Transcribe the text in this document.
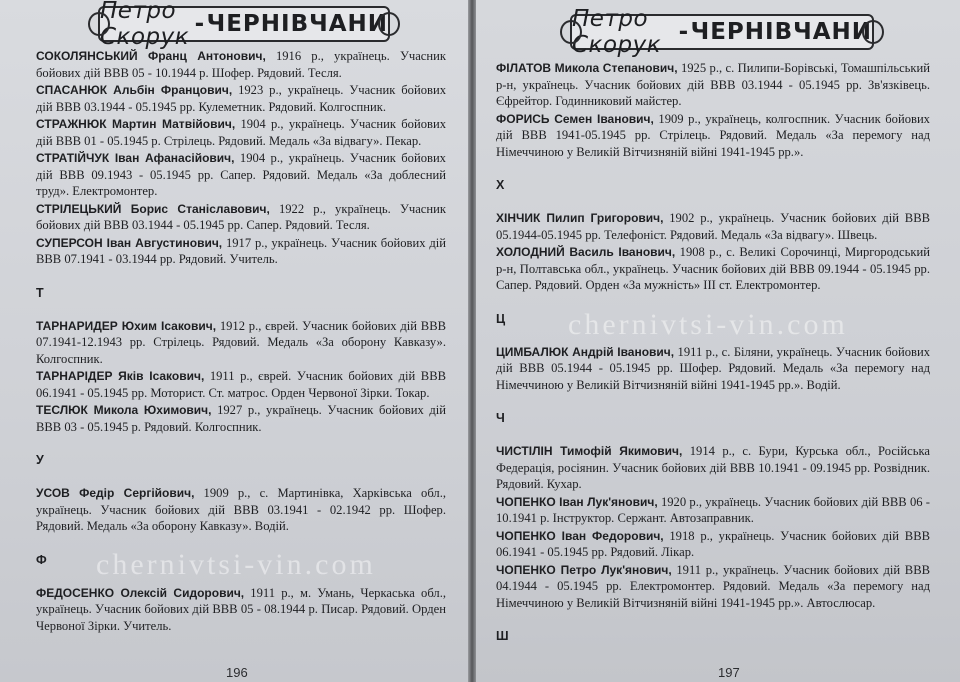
Петро Скорук - ЧЕРНІВЧАНИ

СОКОЛЯНСЬКИЙ Франц Антонович, 1916 р., українець. Учасник бойових дій ВВВ 05 - 10.1944 р. Шофер. Рядовий. Тесля.

СПАСАНЮК Альбін Францович, 1923 р., українець. Учасник бойових дій ВВВ 03.1944 - 05.1945 рр. Кулеметник. Рядовий. Колгоспник.

СТРАЖНЮК Мартин Матвійович, 1904 р., українець. Учасник бойових дій ВВВ 01 - 05.1945 р. Стрілець. Рядовий. Медаль «За відвагу». Пекар.

СТРАТІЙЧУК Іван Афанасійович, 1904 р., українець. Учасник бойових дій ВВВ 09.1943 - 05.1945 рр. Сапер. Рядовий. Медаль «За доблесний труд». Електромонтер.

СТРІЛЕЦЬКИЙ Борис Станіславович, 1922 р., українець. Учасник бойових дій ВВВ 03.1944 - 05.1945 рр. Сапер. Рядовий. Тесля.

СУПЕРСОН Іван Августинович, 1917 р., українець. Учасник бойових дій ВВВ 07.1941 - 03.1944 рр. Рядовий. Учитель.

Т

ТАРНАРИДЕР Юхим Ісакович, 1912 р., єврей. Учасник бойових дій ВВВ 07.1941-12.1943 рр. Стрілець. Рядовий. Медаль «За оборону Кавказу». Колгоспник.

ТАРНАРІДЕР Яків Ісакович, 1911 р., єврей. Учасник бойових дій ВВВ 06.1941 - 05.1945 рр. Моторист. Ст. матрос. Орден Червоної Зірки. Токар.

ТЕСЛЮК Микола Юхимович, 1927 р., українець. Учасник бойових дій ВВВ 03 - 05.1945 р. Рядовий. Колгоспник.

У

УСОВ Федір Сергійович, 1909 р., с. Мартинівка, Харківська обл., українець. Учасник бойових дій ВВВ 03.1941 - 02.1942 рр. Шофер. Рядовий. Медаль «За оборону Кавказу». Водій.

Ф

ФЕДОСЕНКО Олексій Сидорович, 1911 р., м. Умань, Черкаська обл., українець. Учасник бойових дій ВВВ 05 - 08.1944 р. Писар. Рядовий. Орден Червоної Зірки. Учитель.

chernivtsi-vin.com
196
Петро Скорук - ЧЕРНІВЧАНИ

ФІЛАТОВ Микола Степанович, 1925 р., с. Пилипи-Борівські, Томашпільський р-н, українець. Учасник бойових дій ВВВ 03.1944 - 05.1945 рр. Зв'язківець. Єфрейтор. Годинниковий майстер.

ФОРИСЬ Семен Іванович, 1909 р., українець, колгоспник. Учасник бойових дій ВВВ 1941-05.1945 рр. Стрілець. Рядовий. Медаль «За перемогу над Німеччиною у Великій Вітчизняній війні 1941-1945 рр.».

Х

ХІНЧИК Пилип Григорович, 1902 р., українець. Учасник бойових дій ВВВ 05.1944-05.1945 рр. Телефоніст. Рядовий. Медаль «За відвагу». Швець.

ХОЛОДНИЙ Василь Іванович, 1908 р., с. Великі Сорочинці, Миргородський р-н, Полтавська обл., українець. Учасник бойових дій ВВВ 09.1944 - 05.1945 рр. Сапер. Рядовий. Орден «За мужність» ІІІ ст. Електромонтер.

Ц

ЦИМБАЛЮК Андрій Іванович, 1911 р., с. Біляни, українець. Учасник бойових дій ВВВ 05.1944 - 05.1945 рр. Шофер. Рядовий. Медаль «За перемогу над Німеччиною у Великій Вітчизняній війні 1941-1945 рр.». Водій.

Ч

ЧИСТІЛІН Тимофій Якимович, 1914 р., с. Бури, Курська обл., Російська Федерація, росіянин. Учасник бойових дій ВВВ 10.1941 - 09.1945 рр. Розвідник. Рядовий. Кухар.

ЧОПЕНКО Іван Лук'янович, 1920 р., українець. Учасник бойових дій ВВВ 06 - 10.1941 р. Інструктор. Сержант. Автозаправник.

ЧОПЕНКО Іван Федорович, 1918 р., українець. Учасник бойових дій ВВВ 06.1941 - 05.1945 рр. Рядовий. Лікар.

ЧОПЕНКО Петро Лук'янович, 1911 р., українець. Учасник бойових дій ВВВ 04.1944 - 05.1945 рр. Електромонтер. Рядовий. Медаль «За перемогу над Німеччиною у Великій Вітчизняній війні 1941-1945 рр.». Автослюсар.

Ш
chernivtsi-vin.com
197
